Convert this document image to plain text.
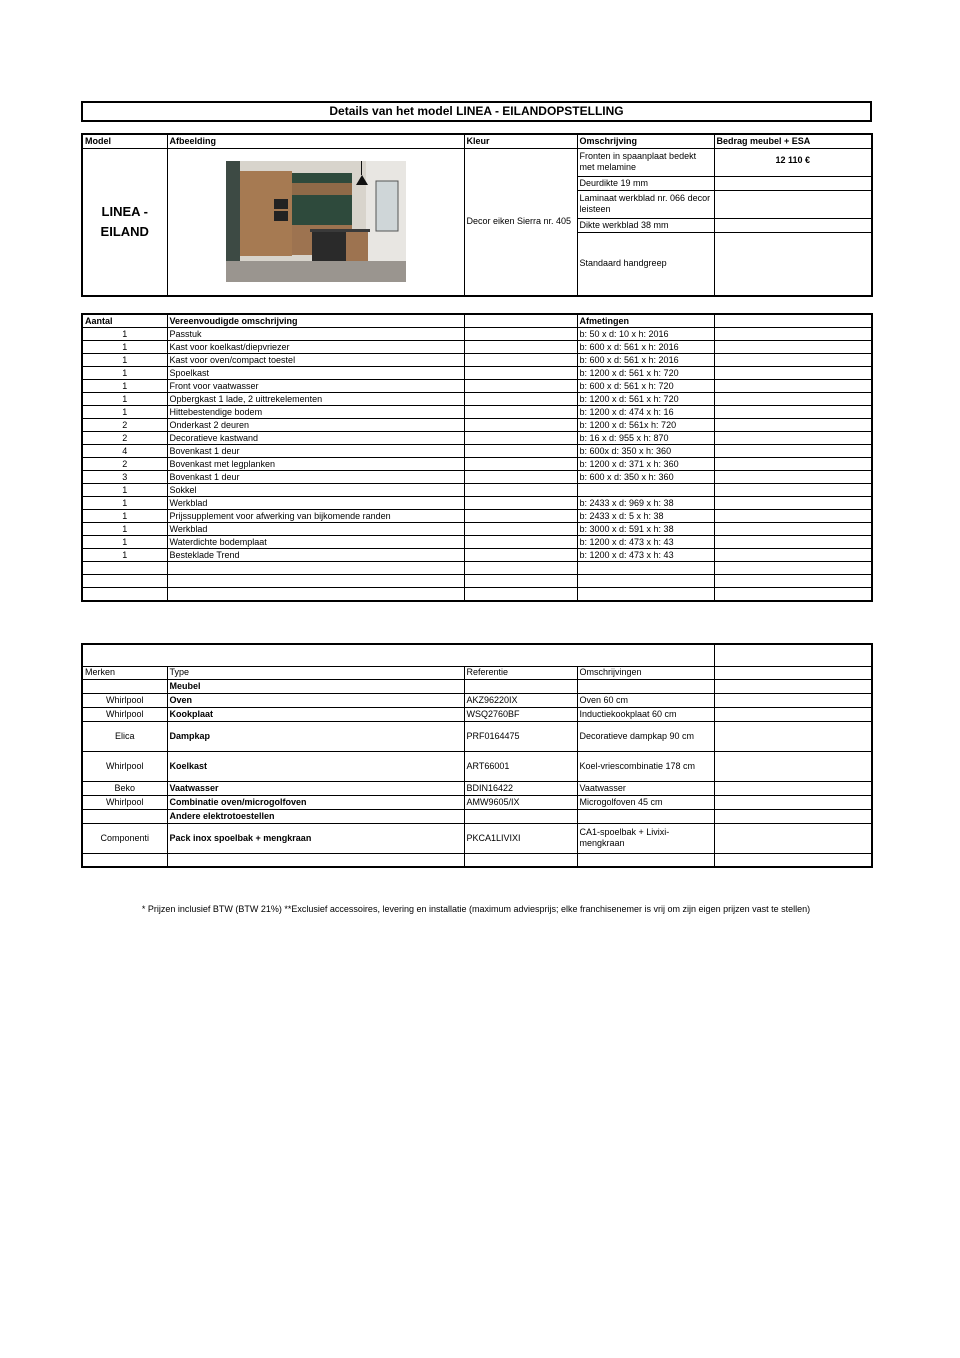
Details van het model LINEA - EILANDOPSTELLING
Model	Afbeelding	Kleur	Omschrijving	Bedrag meubel + ESA
LINEA - EILAND		Decor eiken Sierra nr. 405	Fronten in spaanplaat bedekt met melamine	12 110 €
			Deurdikte 19 mm	
			Laminaat werkblad nr. 066 decor leisteen	
			Dikte werkblad 38 mm	
			Standaard handgreep	
Aantal	Vereenvoudigde omschrijving		Afmetingen	
1	Passtuk		b: 50 x d: 10 x h: 2016	
1	Kast voor koelkast/diepvriezer		b: 600 x d: 561 x h: 2016	
1	Kast voor oven/compact toestel		b: 600 x d: 561 x h: 2016	
1	Spoelkast		b: 1200 x d: 561 x h: 720	
1	Front voor vaatwasser		b: 600 x d: 561 x h: 720	
1	Opbergkast 1 lade, 2 uittrekelementen		b: 1200 x d: 561 x h: 720	
1	Hittebestendige bodem		b: 1200 x d: 474 x h: 16	
2	Onderkast 2 deuren		b: 1200 x d: 561x h: 720	
2	Decoratieve kastwand		b: 16 x d: 955 x h: 870	
4	Bovenkast 1 deur		b: 600x d: 350 x h: 360	
2	Bovenkast met legplanken		b: 1200 x d: 371 x h: 360	
3	Bovenkast 1 deur		b: 600 x d: 350 x h: 360	
1	Sokkel			
1	Werkblad		b: 2433 x d: 969 x h: 38	
1	Prijssupplement voor afwerking van bijkomende randen		b: 2433 x d: 5 x h: 38	
1	Werkblad		b: 3000 x d: 591 x h: 38	
1	Waterdichte bodemplaat		b: 1200 x d: 473 x h: 43	
1	Besteklade Trend		b: 1200 x d: 473 x h: 43	

Merken	Type	Referentie	Omschrijvingen	
	Meubel			
Whirlpool	Oven	AKZ96220IX	Oven 60 cm	
Whirlpool	Kookplaat	WSQ2760BF	Inductiekookplaat 60 cm	
Elica	Dampkap	PRF0164475	Decoratieve dampkap 90 cm	
Whirlpool	Koelkast	ART66001	Koel-vriescombinatie 178 cm	
Beko	Vaatwasser	BDIN16422	Vaatwasser	
Whirlpool	Combinatie oven/microgolfoven	AMW9605/IX	Microgolfoven 45 cm	
	Andere elektrotoestellen			
Componenti	Pack inox spoelbak + mengkraan	PKCA1LIVIXI	CA1-spoelbak + Livixi-mengkraan	

* Prijzen inclusief BTW (BTW 21%) **Exclusief accessoires, levering en installatie (maximum adviesprijs; elke franchisenemer is vrij om zijn eigen prijzen vast te stellen)
